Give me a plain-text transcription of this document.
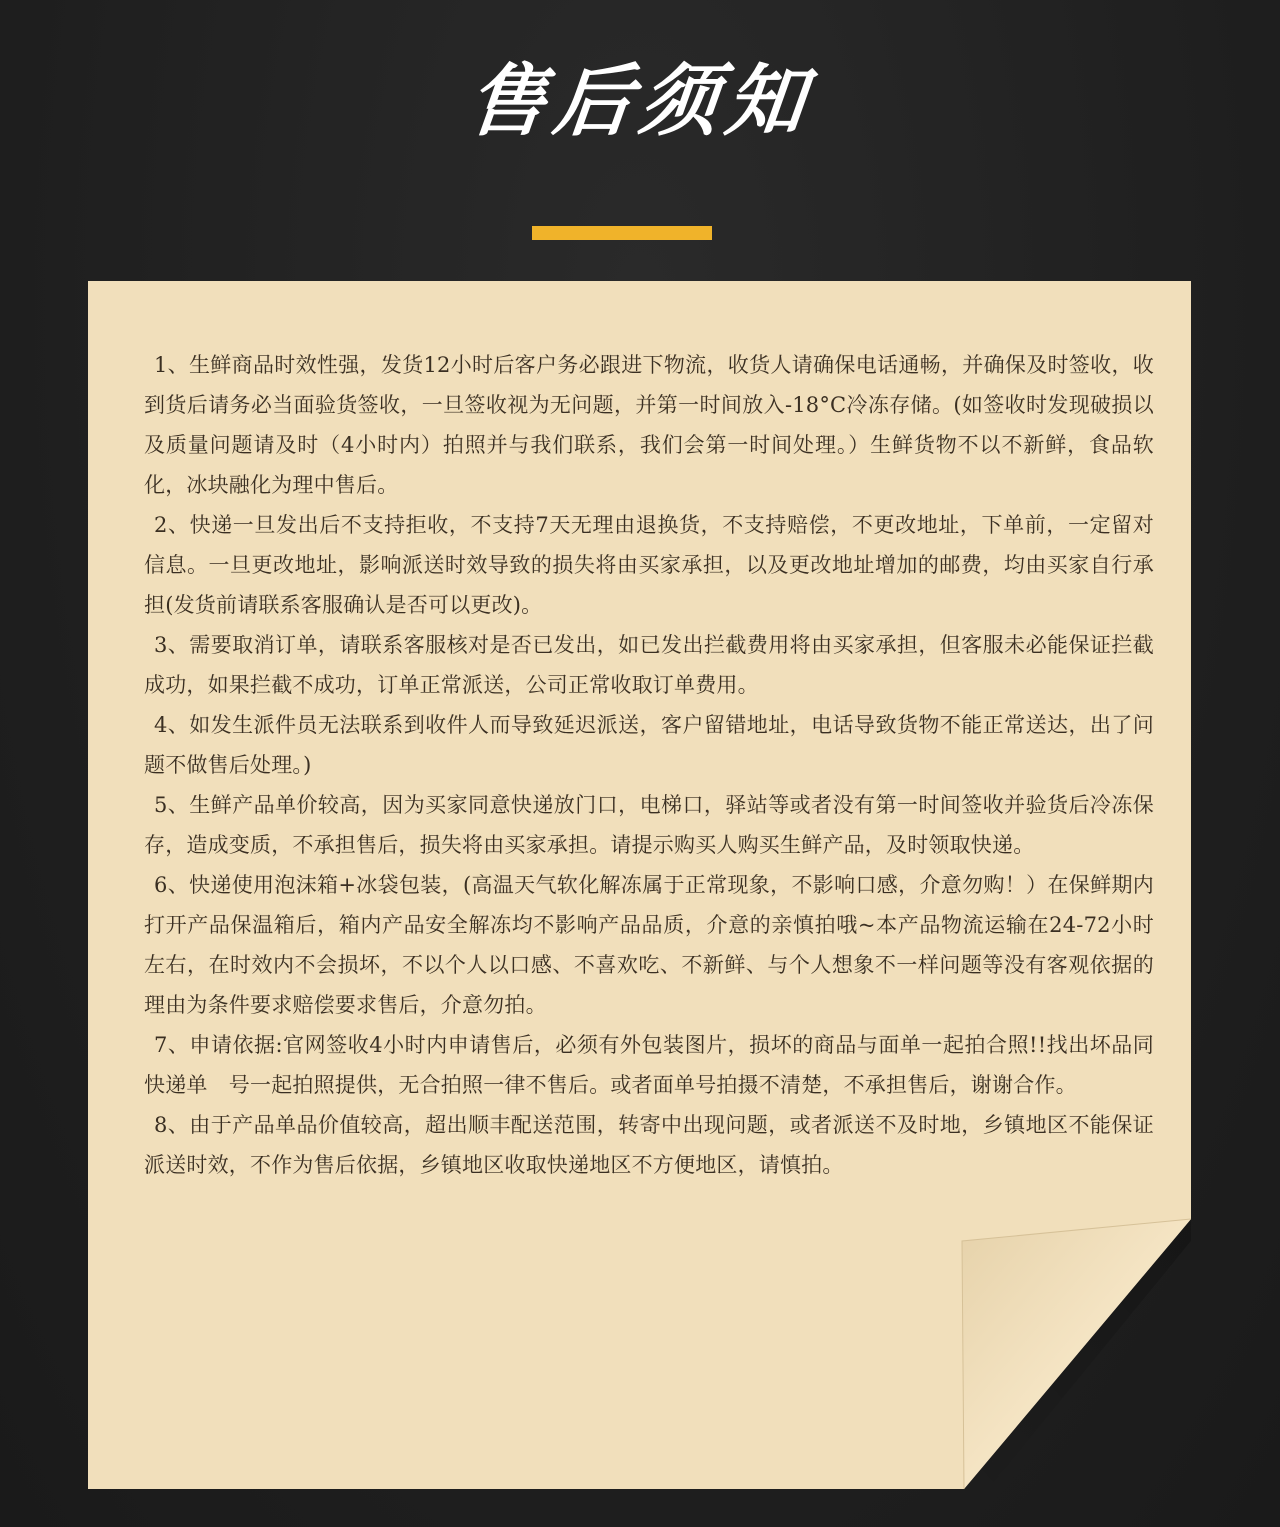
售后须知
1、生鲜商品时效性强，发货12小时后客户务必跟进下物流，收货人请确保电话通畅，并确保及时签收，收到货后请务必当面验货签收，一旦签收视为无问题，并第一时间放入-18°C冷冻存储。(如签收时发现破损以及质量问题请及时（4小时内）拍照并与我们联系，我们会第一时间处理。）生鲜货物不以不新鲜，食品软化，冰块融化为理中售后。
2、快递一旦发出后不支持拒收，不支持7天无理由退换货，不支持赔偿，不更改地址，下单前，一定留对信息。一旦更改地址，影响派送时效导致的损失将由买家承担，以及更改地址增加的邮费，均由买家自行承担(发货前请联系客服确认是否可以更改)。
3、需要取消订单，请联系客服核对是否已发出，如已发出拦截费用将由买家承担，但客服未必能保证拦截成功，如果拦截不成功，订单正常派送，公司正常收取订单费用。
4、如发生派件员无法联系到收件人而导致延迟派送，客户留错地址，电话导致货物不能正常送达，出了问题不做售后处理。)
5、生鲜产品单价较高，因为买家同意快递放门口，电梯口，驿站等或者没有第一时间签收并验货后冷冻保存，造成变质，不承担售后，损失将由买家承担。请提示购买人购买生鲜产品，及时领取快递。
6、快递使用泡沫箱+冰袋包装，(高温天气软化解冻属于正常现象，不影响口感，介意勿购！）在保鲜期内打开产品保温箱后，箱内产品安全解冻均不影响产品品质，介意的亲慎拍哦~本产品物流运输在24-72小时左右，在时效内不会损坏，不以个人以口感、不喜欢吃、不新鲜、与个人想象不一样问题等没有客观依据的理由为条件要求赔偿要求售后，介意勿拍。
7、申请依据:官网签收4小时内申请售后，必须有外包装图片，损坏的商品与面单一起拍合照!!找出坏品同快递单　号一起拍照提供，无合拍照一律不售后。或者面单号拍摄不清楚，不承担售后，谢谢合作。
8、由于产品单品价值较高，超出顺丰配送范围，转寄中出现问题，或者派送不及时地，乡镇地区不能保证派送时效，不作为售后依据，乡镇地区收取快递地区不方便地区，请慎拍。
